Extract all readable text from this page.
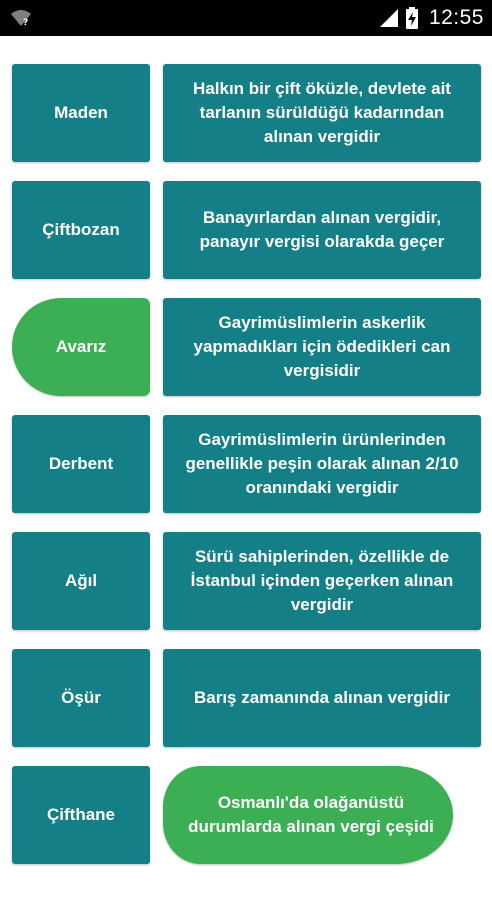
?	12:55
Maden
Halkın bir çift öküzle, devlete ait tarlanın sürüldüğü kadarından alınan vergidir
Çiftbozan
Banayırlardan alınan vergidir, panayır vergisi olarakda geçer
Avarız
Gayrimüslimlerin askerlik yapmadıkları için ödedikleri can vergisidir
Derbent
Gayrimüslimlerin ürünlerinden genellikle peşin olarak alınan 2/10 oranındaki vergidir
Ağıl
Sürü sahiplerinden, özellikle de İstanbul içinden geçerken alınan vergidir
Öşür	Barış zamanında alınan vergidir
Çifthane
Osmanlı'da olağanüstü durumlarda alınan vergi çeşidi
